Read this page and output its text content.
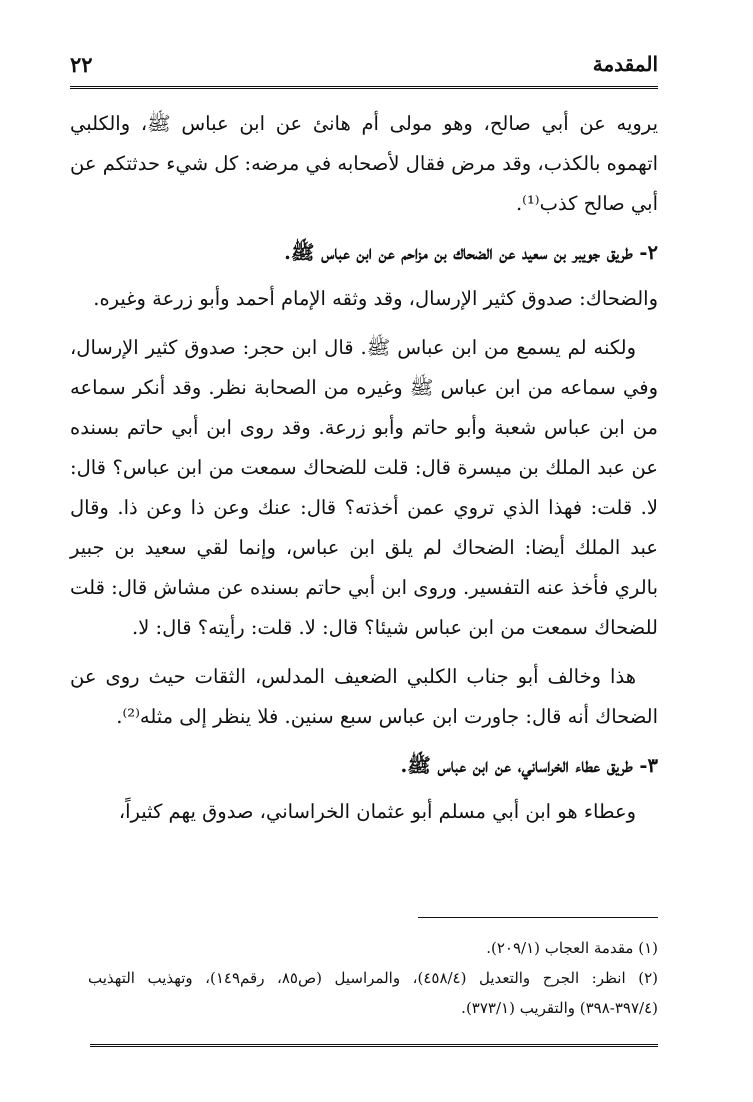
٢٢	المقدمة

يرويه عن أبي صالح، وهو مولى أم هانئ عن ابن عباس ﷺ، والكلبي اتهموه بالكذب، وقد مرض فقال لأصحابه في مرضه: كل شيء حدثتكم عن أبي صالح كذب⁽¹⁾.

٢- طريق جويبر بن سعيد عن الضحاك بن مزاحم عن ابن عباس ﷺ.

والضحاك: صدوق كثير الإرسال، وقد وثقه الإمام أحمد وأبو زرعة وغيره.

ولكنه لم يسمع من ابن عباس ﷺ. قال ابن حجر: صدوق كثير الإرسال، وفي سماعه من ابن عباس ﷺ وغيره من الصحابة نظر. وقد أنكر سماعه من ابن عباس شعبة وأبو حاتم وأبو زرعة. وقد روى ابن أبي حاتم بسنده عن عبد الملك بن ميسرة قال: قلت للضحاك سمعت من ابن عباس؟ قال: لا. قلت: فهذا الذي تروي عمن أخذته؟ قال: عنك وعن ذا وعن ذا. وقال عبد الملك أيضا: الضحاك لم يلق ابن عباس، وإنما لقي سعيد بن جبير بالري فأخذ عنه التفسير. وروى ابن أبي حاتم بسنده عن مشاش قال: قلت للضحاك سمعت من ابن عباس شيئا؟ قال: لا. قلت: رأيته؟ قال: لا.

هذا وخالف أبو جناب الكلبي الضعيف المدلس، الثقات حيث روى عن الضحاك أنه قال: جاورت ابن عباس سبع سنين. فلا ينظر إلى مثله⁽²⁾.

٣- طريق عطاء الخراساني، عن ابن عباس ﷺ.

وعطاء هو ابن أبي مسلم أبو عثمان الخراساني، صدوق يهم كثيراً،

(١) مقدمة العجاب (٢٠٩/١).

(٢) انظر: الجرح والتعديل (٤٥٨/٤)، والمراسيل (ص٨٥، رقم١٤٩)، وتهذيب التهذيب (٣٩٧/٤-٣٩٨) والتقريب (٣٧٣/١).
